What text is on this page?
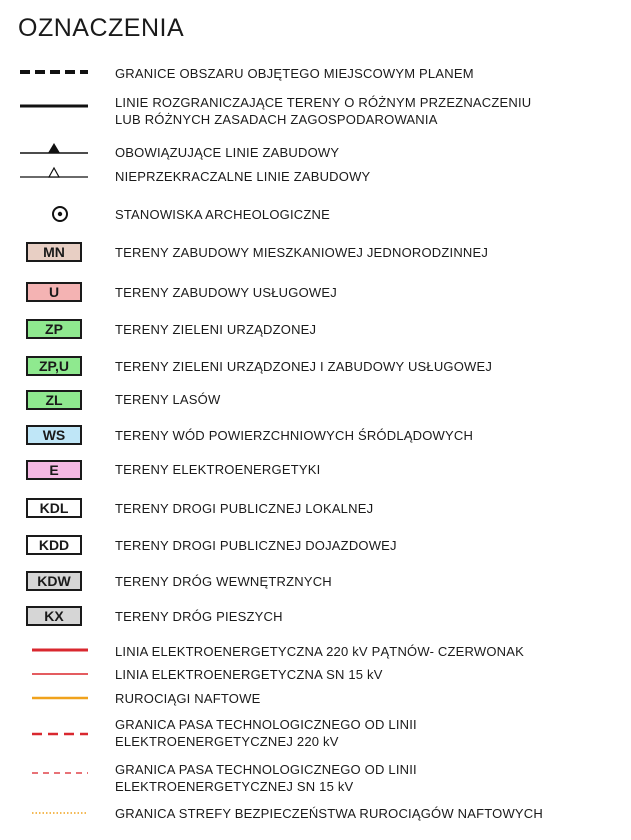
OZNACZENIA
GRANICE OBSZARU OBJĘTEGO MIEJSCOWYM PLANEM
LINIE ROZGRANICZAJĄCE TERENY O RÓŻNYM PRZEZNACZENIU
LUB RÓŻNYCH ZASADACH ZAGOSPODAROWANIA
OBOWIĄZUJĄCE LINIE ZABUDOWY
NIEPRZEKRACZALNE LINIE ZABUDOWY
STANOWISKA ARCHEOLOGICZNE
MN	TERENY ZABUDOWY MIESZKANIOWEJ JEDNORODZINNEJ
U	TERENY ZABUDOWY USŁUGOWEJ
ZP	TERENY ZIELENI URZĄDZONEJ
ZP,U	TERENY ZIELENI URZĄDZONEJ I ZABUDOWY USŁUGOWEJ
ZL	TERENY LASÓW
WS	TERENY WÓD POWIERZCHNIOWYCH ŚRÓDLĄDOWYCH
E	TERENY ELEKTROENERGETYKI
KDL	TERENY DROGI PUBLICZNEJ LOKALNEJ
KDD	TERENY DROGI PUBLICZNEJ DOJAZDOWEJ
KDW	TERENY DRÓG WEWNĘTRZNYCH
KX	TERENY DRÓG PIESZYCH
LINIA ELEKTROENERGETYCZNA 220 kV PĄTNÓW- CZERWONAK
LINIA ELEKTROENERGETYCZNA SN 15 kV
RUROCIĄGI NAFTOWE
GRANICA PASA TECHNOLOGICZNEGO OD LINII
ELEKTROENERGETYCZNEJ 220 kV
GRANICA PASA TECHNOLOGICZNEGO OD LINII
ELEKTROENERGETYCZNEJ SN 15 kV
GRANICA STREFY BEZPIECZEŃSTWA RUROCIĄGÓW NAFTOWYCH
